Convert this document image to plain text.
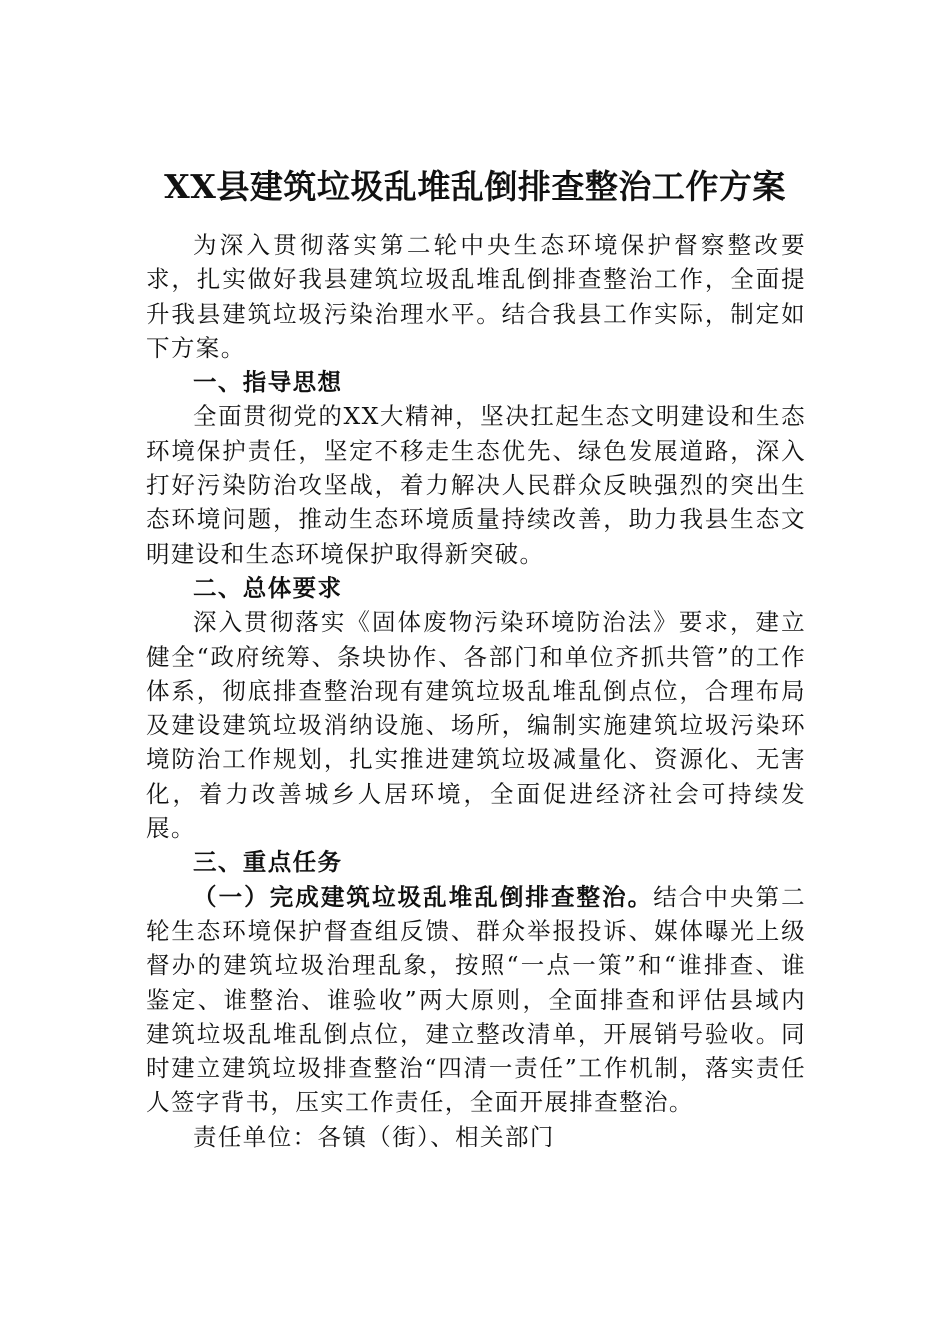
XX县建筑垃圾乱堆乱倒排查整治工作方案

为深入贯彻落实第二轮中央生态环境保护督察整改要求，扎实做好我县建筑垃圾乱堆乱倒排查整治工作，全面提升我县建筑垃圾污染治理水平。结合我县工作实际，制定如下方案。

一、指导思想

全面贯彻党的XX大精神，坚决扛起生态文明建设和生态环境保护责任，坚定不移走生态优先、绿色发展道路，深入打好污染防治攻坚战，着力解决人民群众反映强烈的突出生态环境问题，推动生态环境质量持续改善，助力我县生态文明建设和生态环境保护取得新突破。

二、总体要求

深入贯彻落实《固体废物污染环境防治法》要求，建立健全“政府统筹、条块协作、各部门和单位齐抓共管”的工作体系，彻底排查整治现有建筑垃圾乱堆乱倒点位，合理布局及建设建筑垃圾消纳设施、场所，编制实施建筑垃圾污染环境防治工作规划，扎实推进建筑垃圾减量化、资源化、无害化，着力改善城乡人居环境，全面促进经济社会可持续发展。

三、重点任务

（一）完成建筑垃圾乱堆乱倒排查整治。结合中央第二轮生态环境保护督查组反馈、群众举报投诉、媒体曝光上级督办的建筑垃圾治理乱象，按照“一点一策”和“谁排查、谁鉴定、谁整治、谁验收”两大原则，全面排查和评估县域内建筑垃圾乱堆乱倒点位，建立整改清单，开展销号验收。同时建立建筑垃圾排查整治“四清一责任”工作机制，落实责任人签字背书，压实工作责任，全面开展排查整治。

责任单位：各镇（街）、相关部门
